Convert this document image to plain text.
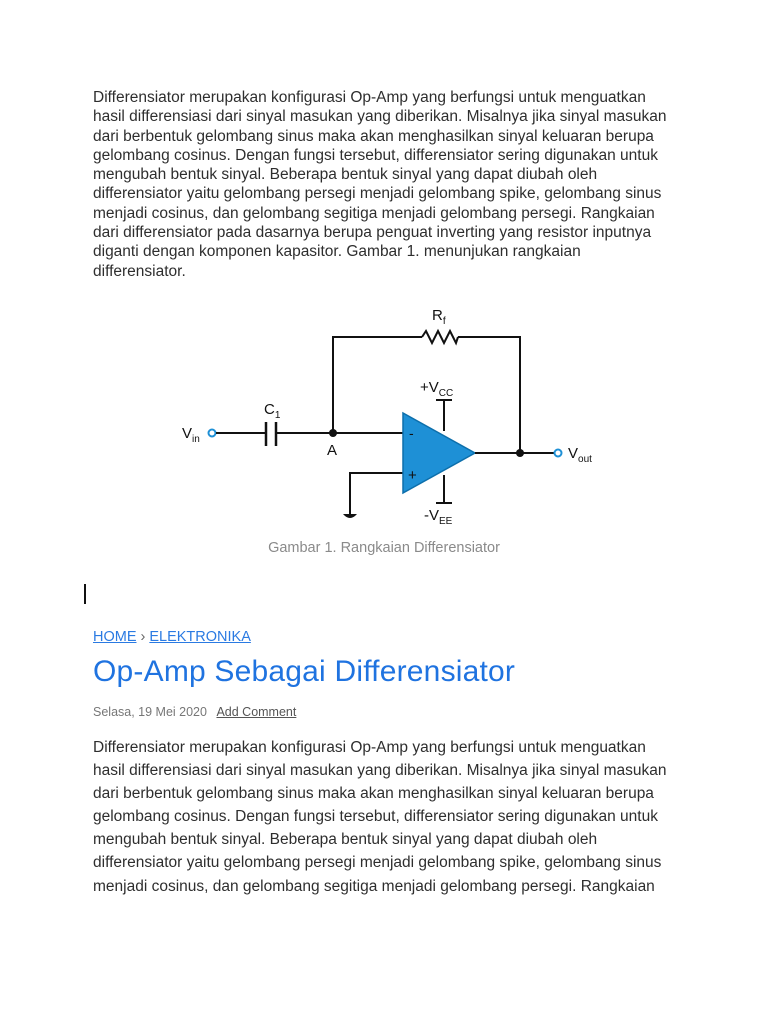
Differensiator merupakan konfigurasi Op-Amp yang berfungsi untuk menguatkan hasil differensiasi dari sinyal masukan yang diberikan. Misalnya jika sinyal masukan dari berbentuk gelombang sinus maka akan menghasilkan sinyal keluaran berupa gelombang cosinus. Dengan fungsi tersebut, differensiator sering digunakan untuk mengubah bentuk sinyal. Beberapa bentuk sinyal yang dapat diubah oleh differensiator yaitu gelombang persegi menjadi gelombang spike, gelombang sinus menjadi cosinus, dan gelombang segitiga menjadi gelombang persegi. Rangkaian dari differensiator pada dasarnya berupa penguat inverting yang resistor inputnya diganti dengan komponen kapasitor. Gambar 1. menunjukan rangkaian differensiator.

$R_f$
$V_{in}$
$C_1$
A
-
+
$+V_{CC}$
$-V_{EE}$
$V_{out}$
Gambar 1. Rangkaian Differensiator
HOME › ELEKTRONIKA
Op-Amp Sebagai Differensiator
Selasa, 19 Mei 2020 Add Comment

Differensiator merupakan konfigurasi Op-Amp yang berfungsi untuk menguatkan hasil differensiasi dari sinyal masukan yang diberikan. Misalnya jika sinyal masukan dari berbentuk gelombang sinus maka akan menghasilkan sinyal keluaran berupa gelombang cosinus. Dengan fungsi tersebut, differensiator sering digunakan untuk mengubah bentuk sinyal. Beberapa bentuk sinyal yang dapat diubah oleh differensiator yaitu gelombang persegi menjadi gelombang spike, gelombang sinus menjadi cosinus, dan gelombang segitiga menjadi gelombang persegi. Rangkaian
